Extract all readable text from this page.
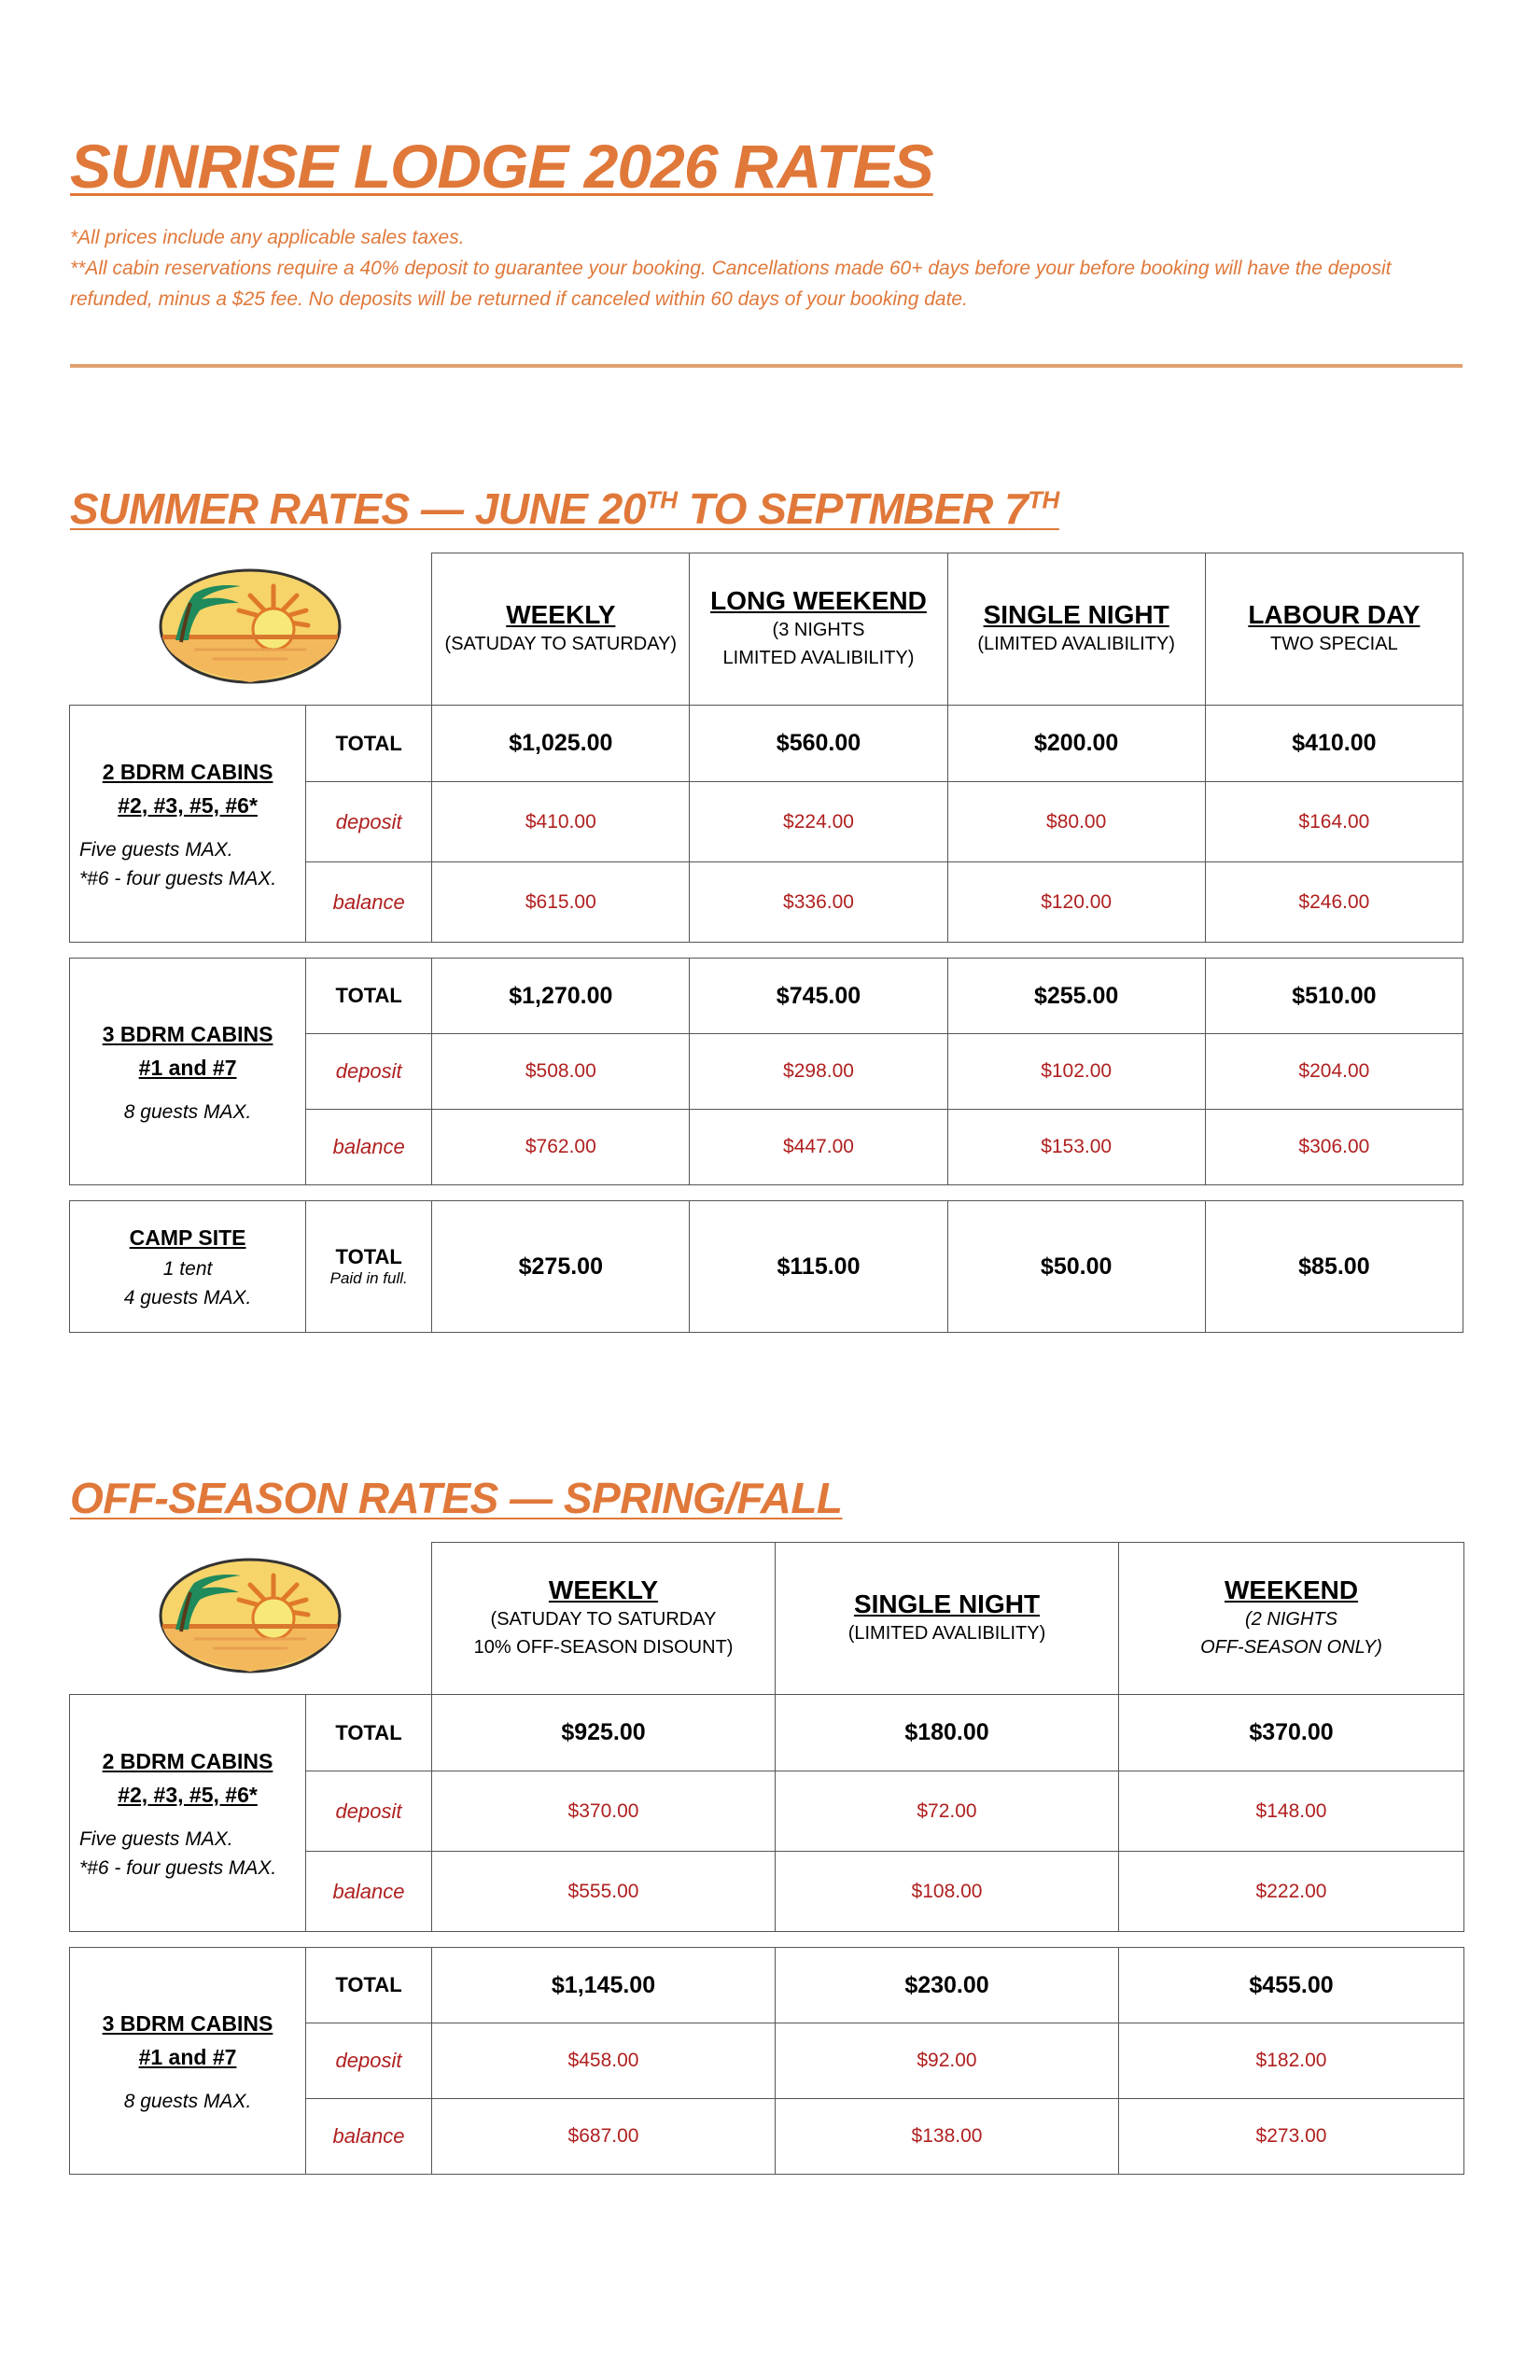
SUNRISE LODGE 2026 RATES
*All prices include any applicable sales taxes.
**All cabin reservations require a 40% deposit to guarantee your booking. Cancellations made 60+ days before your before booking will have the deposit refunded, minus a $25 fee. No deposits will be returned if canceled within 60 days of your booking date.
SUMMER RATES — JUNE 20TH TO SEPTMBER 7TH

WEEKLY
(SATUDAY TO SATURDAY)	LONG WEEKEND
(3 NIGHTS
LIMITED AVALIBILITY)	SINGLE NIGHT
(LIMITED AVALIBILITY)	LABOUR DAY
TWO SPECIAL

2 BDRM CABINS
#2, #3, #5, #6*
Five guests MAX.
*#6 - four guests MAX.	TOTAL	$1,025.00	$560.00	$200.00	$410.00
	deposit	$410.00	$224.00	$80.00	$164.00
	balance	$615.00	$336.00	$120.00	$246.00

3 BDRM CABINS
#1 and #7
8 guests MAX.	TOTAL	$1,270.00	$745.00	$255.00	$510.00
	deposit	$508.00	$298.00	$102.00	$204.00
	balance	$762.00	$447.00	$153.00	$306.00

CAMP SITE
1 tent
4 guests MAX.	TOTAL
Paid in full.	$275.00	$115.00	$50.00	$85.00
OFF-SEASON RATES — SPRING/FALL

WEEKLY
(SATUDAY TO SATURDAY
10% OFF-SEASON DISOUNT)	SINGLE NIGHT
(LIMITED AVALIBILITY)	WEEKEND
(2 NIGHTS
OFF-SEASON ONLY)

2 BDRM CABINS
#2, #3, #5, #6*
Five guests MAX.
*#6 - four guests MAX.	TOTAL	$925.00	$180.00	$370.00
	deposit	$370.00	$72.00	$148.00
	balance	$555.00	$108.00	$222.00

3 BDRM CABINS
#1 and #7
8 guests MAX.	TOTAL	$1,145.00	$230.00	$455.00
	deposit	$458.00	$92.00	$182.00
	balance	$687.00	$138.00	$273.00
